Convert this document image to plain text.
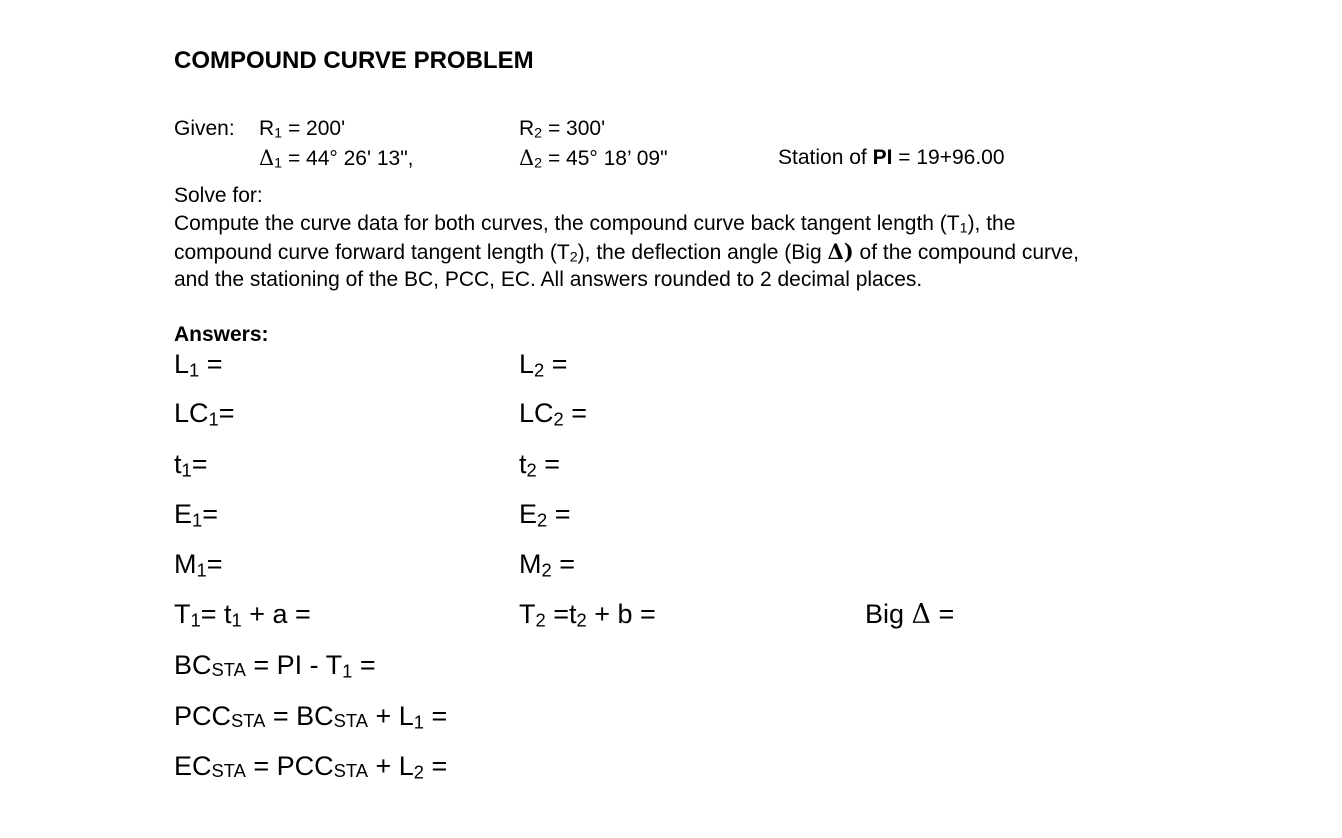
COMPOUND CURVE PROBLEM
Given: $R_1 = 200'$	$R_2 = 300'$
$\Delta_1 = 44^\circ$ 26' 13",	$\Delta_2 = 45^\circ$ 18’ 09"	Station of PI = 19+96.00
Solve for:
Compute the curve data for both curves, the compound curve back tangent length $(T_1)$, the
compound curve forward tangent length $(T_2)$, the deflection angle (Big Δ) of the compound curve,
and the stationing of the BC, PCC, EC. All answers rounded to 2 decimal places.
Answers:
$L_1$ =	$L_2$ =
$LC_1=$	$LC_2$ =
$t_1=$	$t_2$ =
$E_1=$	$E_2$ =
$M_1=$	$M_2$ =
$T_1= t_1 + a$ =	$T_2 =t_2 + b$ =	Big Δ =
$BC_{STA}$ = PI - $T_1$ =
$PCC_{STA} = BC_{STA} + L_1$ =
$EC_{STA} = PCC_{STA} + L_2$ =
